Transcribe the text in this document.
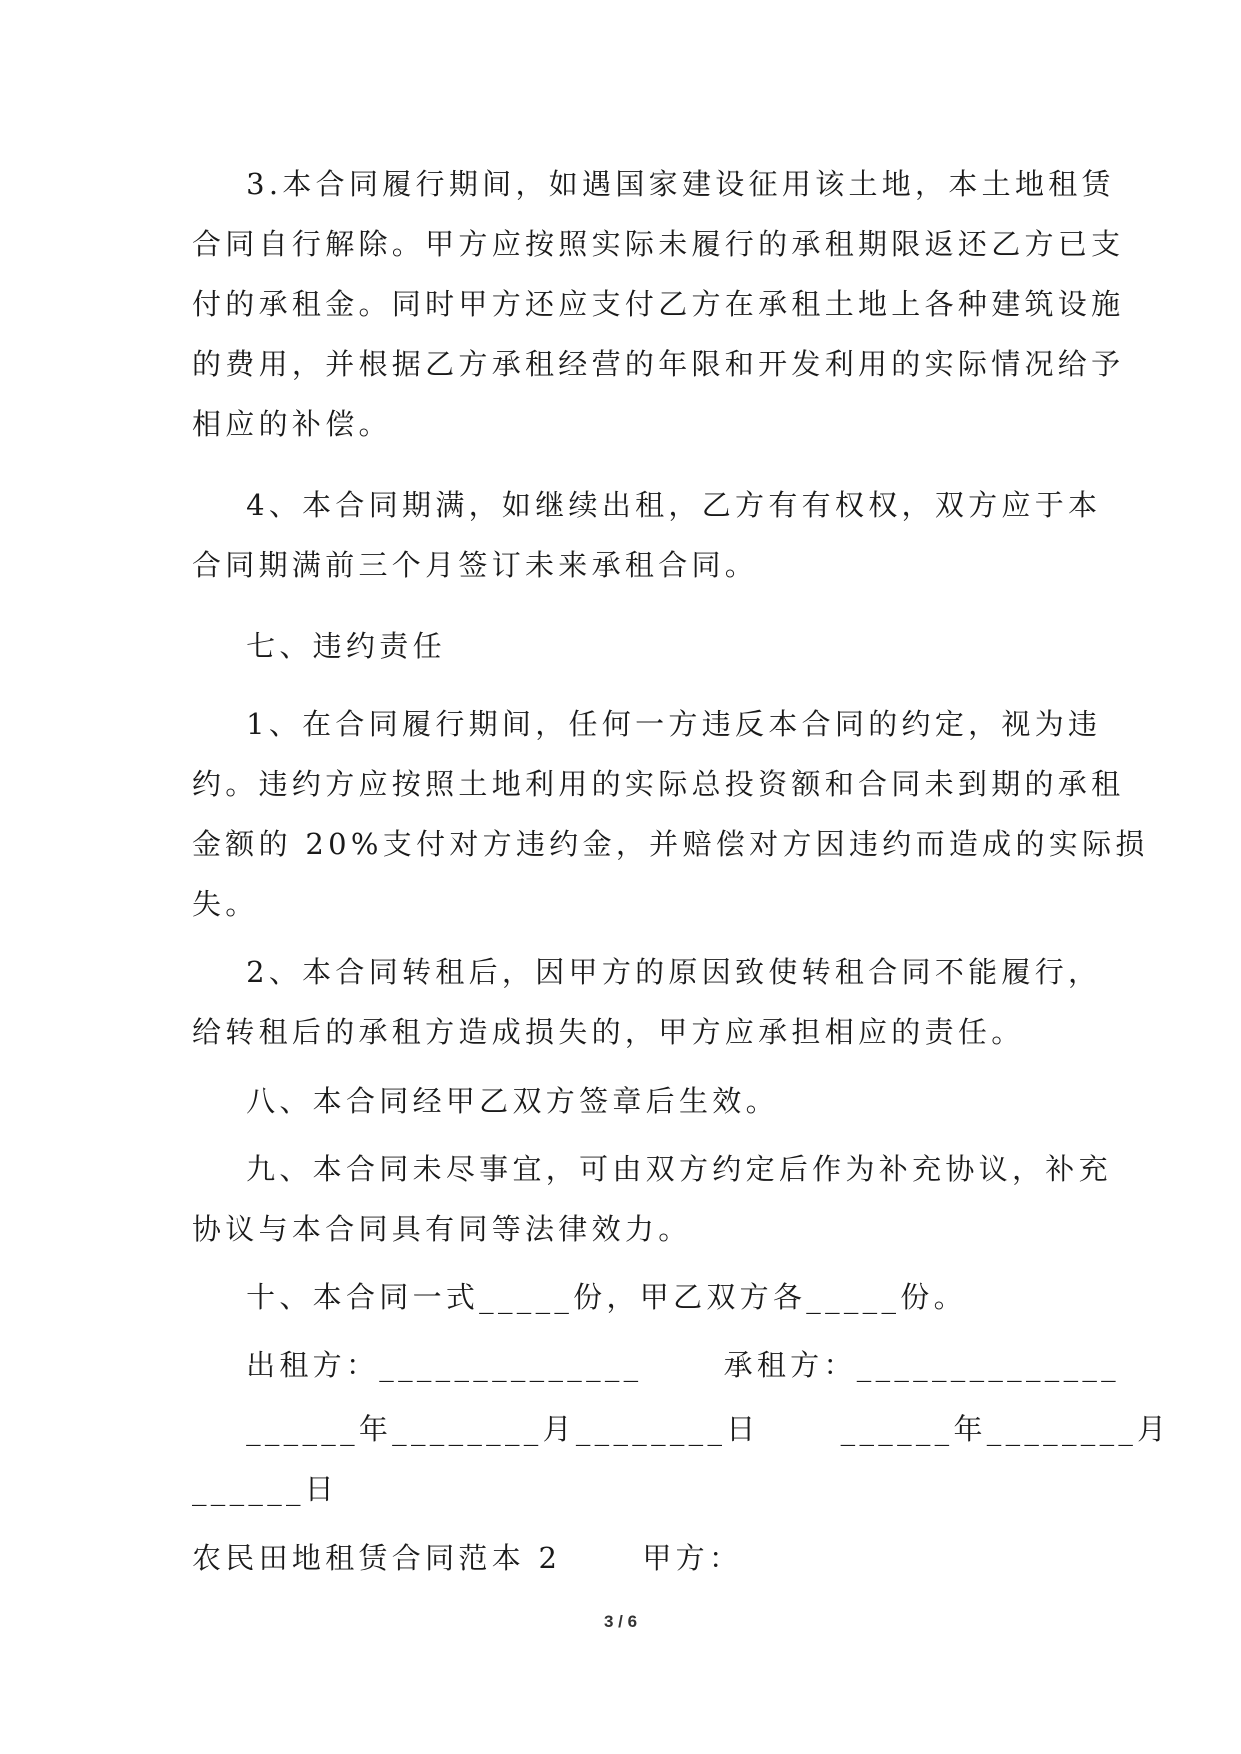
3.本合同履行期间，如遇国家建设征用该土地，本土地租赁
合同自行解除。甲方应按照实际未履行的承租期限返还乙方已支
付的承租金。同时甲方还应支付乙方在承租土地上各种建筑设施
的费用，并根据乙方承租经营的年限和开发利用的实际情况给予
相应的补偿。
4、本合同期满，如继续出租，乙方有有权权，双方应于本
合同期满前三个月签订未来承租合同。
七、违约责任
1、在合同履行期间，任何一方违反本合同的约定，视为违
约。违约方应按照土地利用的实际总投资额和合同未到期的承租
金额的 20%支付对方违约金，并赔偿对方因违约而造成的实际损
失。
2、本合同转租后，因甲方的原因致使转租合同不能履行，
给转租后的承租方造成损失的，甲方应承担相应的责任。
八、本合同经甲乙双方签章后生效。
九、本合同未尽事宜，可由双方约定后作为补充协议，补充
协议与本合同具有同等法律效力。
十、本合同一式_____份，甲乙双方各_____份。
出租方：______________      承租方：______________
______年________月________日      ______年________月
______日
农民田地租赁合同范本 2      甲方：
3 / 6
